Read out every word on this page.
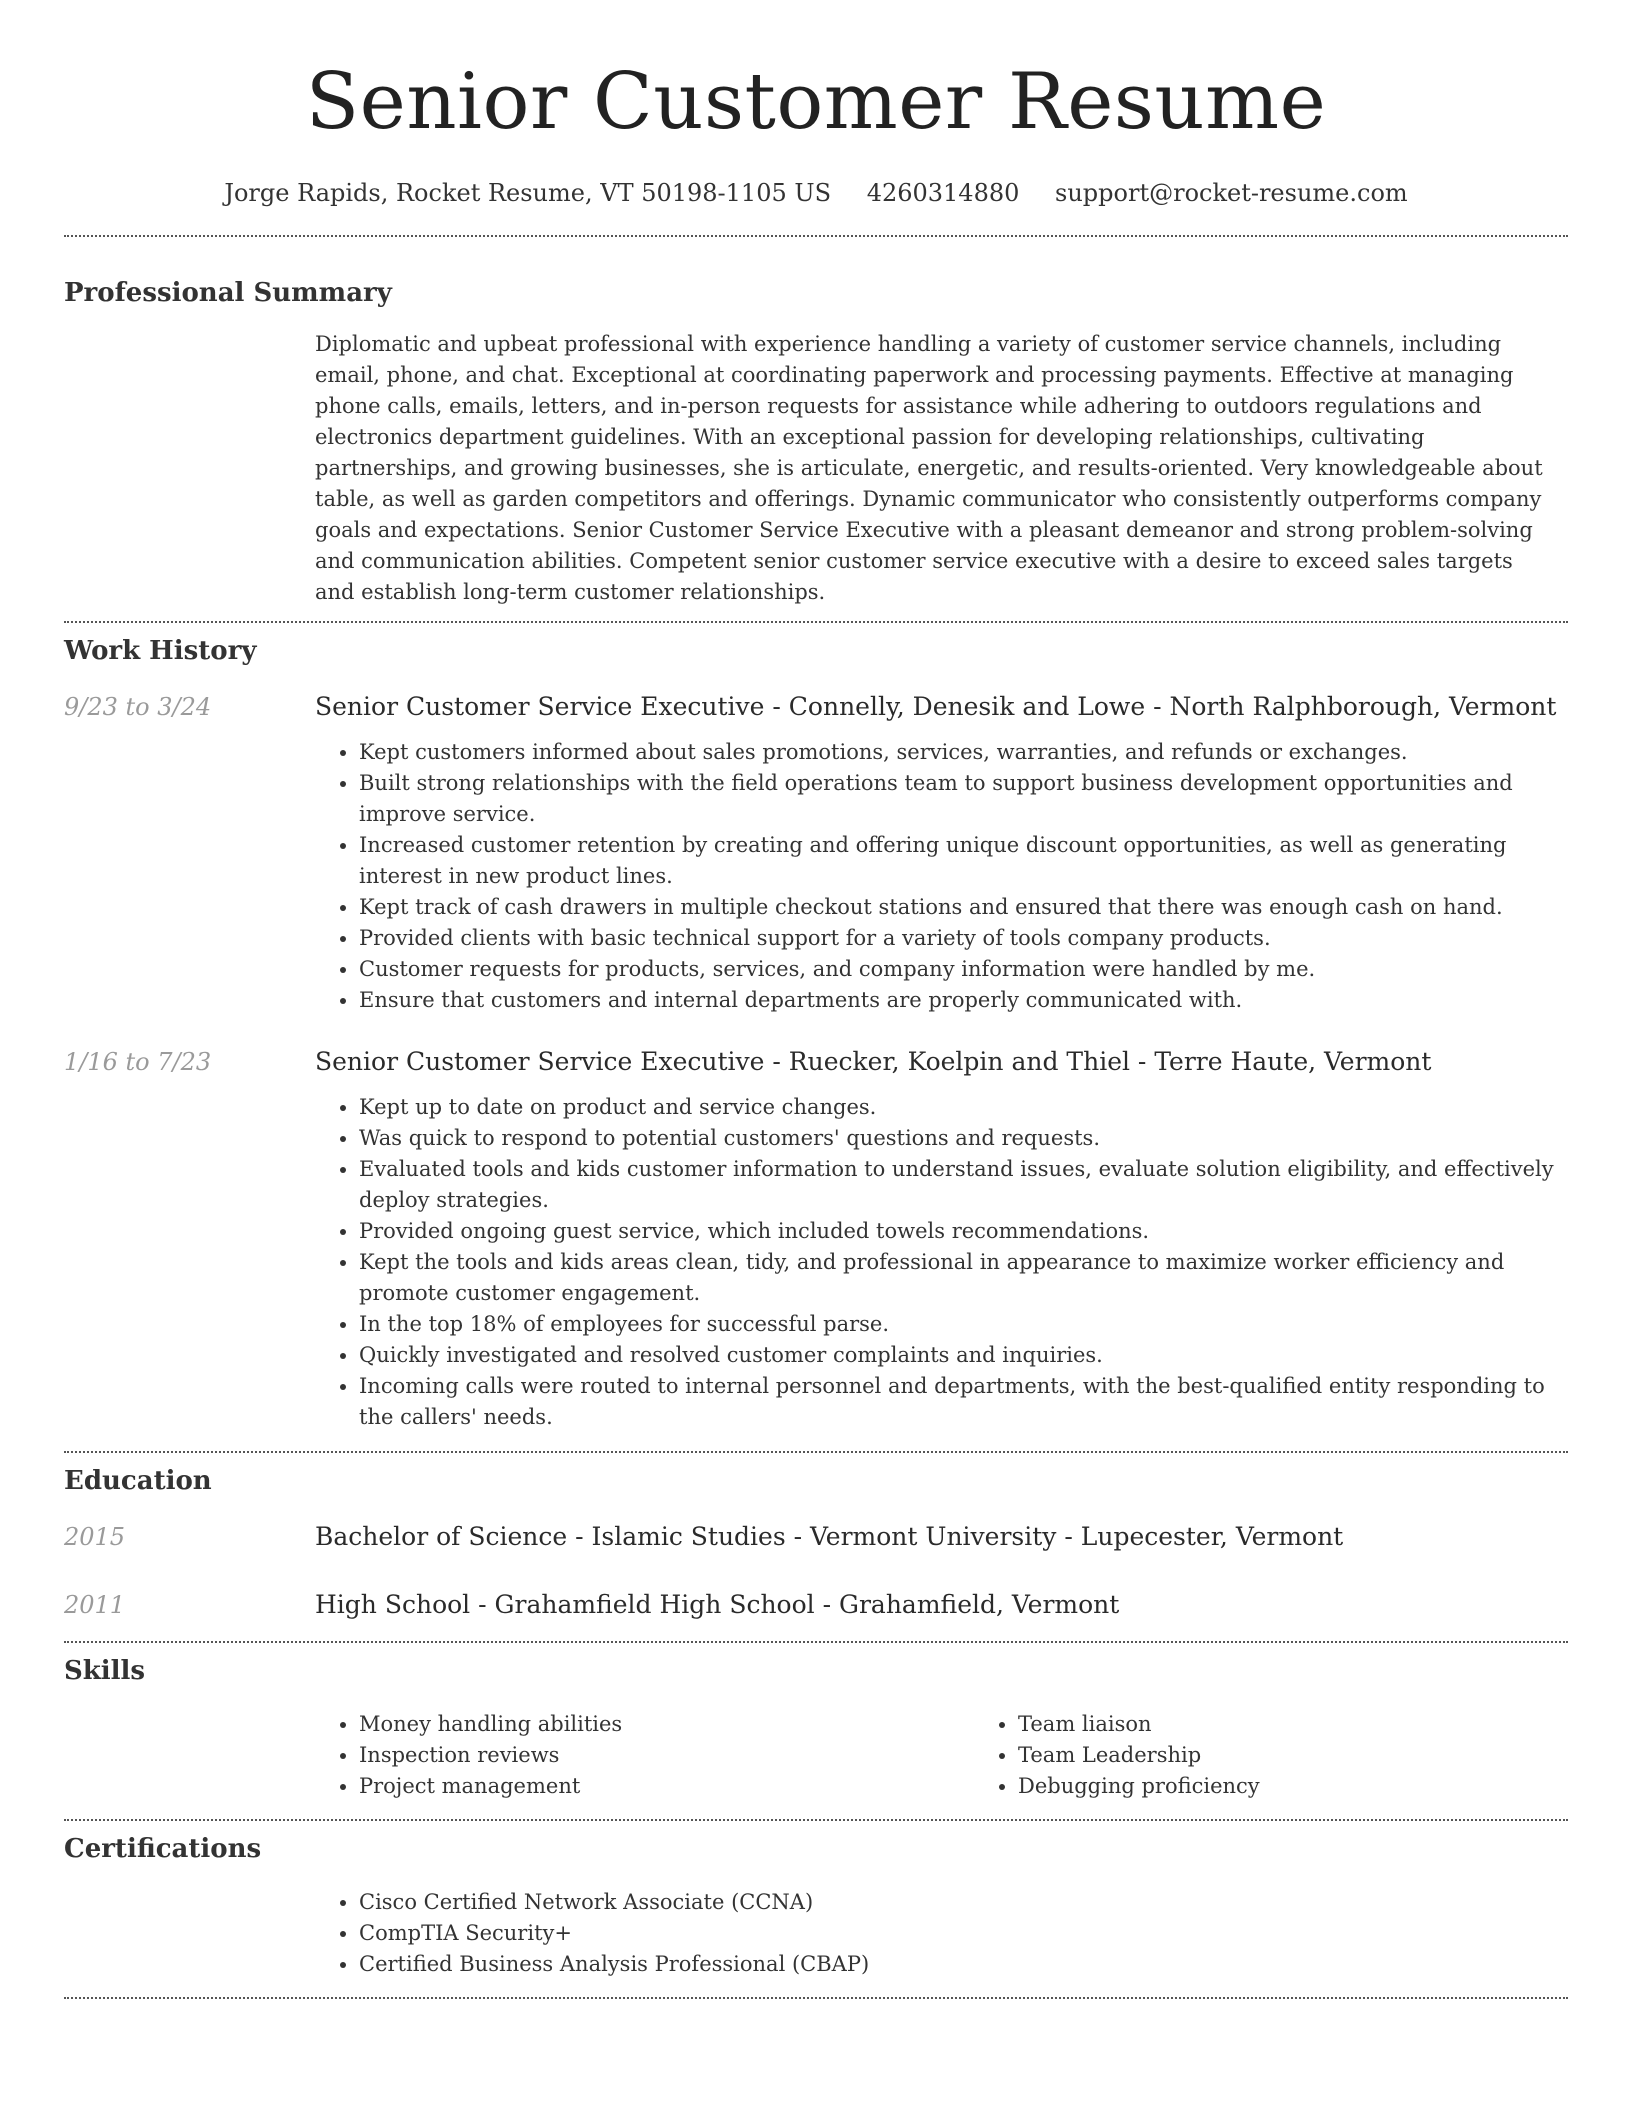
Senior Customer Resume
Jorge Rapids, Rocket Resume, VT 50198-1105 US 4260314880 support@rocket-resume.com
Professional Summary

Diplomatic and upbeat professional with experience handling a variety of customer service channels, including email, phone, and chat. Exceptional at coordinating paperwork and processing payments. Effective at managing phone calls, emails, letters, and in-person requests for assistance while adhering to outdoors regulations and electronics department guidelines. With an exceptional passion for developing relationships, cultivating partnerships, and growing businesses, she is articulate, energetic, and results-oriented. Very knowledgeable about table, as well as garden competitors and offerings. Dynamic communicator who consistently outperforms company goals and expectations. Senior Customer Service Executive with a pleasant demeanor and strong problem-solving and communication abilities. Competent senior customer service executive with a desire to exceed sales targets and establish long-term customer relationships.

Work History
9/23 to 3/24	Senior Customer Service Executive - Connelly, Denesik and Lowe - North Ralphborough, Vermont
• Kept customers informed about sales promotions, services, warranties, and refunds or exchanges.
• Built strong relationships with the field operations team to support business development opportunities and improve service.
• Increased customer retention by creating and offering unique discount opportunities, as well as generating interest in new product lines.
• Kept track of cash drawers in multiple checkout stations and ensured that there was enough cash on hand.
• Provided clients with basic technical support for a variety of tools company products.
• Customer requests for products, services, and company information were handled by me.
• Ensure that customers and internal departments are properly communicated with.
1/16 to 7/23	Senior Customer Service Executive - Ruecker, Koelpin and Thiel - Terre Haute, Vermont
• Kept up to date on product and service changes.
• Was quick to respond to potential customers' questions and requests.
• Evaluated tools and kids customer information to understand issues, evaluate solution eligibility, and effectively deploy strategies.
• Provided ongoing guest service, which included towels recommendations.
• Kept the tools and kids areas clean, tidy, and professional in appearance to maximize worker efficiency and promote customer engagement.
• In the top 18% of employees for successful parse.
• Quickly investigated and resolved customer complaints and inquiries.
• Incoming calls were routed to internal personnel and departments, with the best-qualified entity responding to the callers' needs.
Education
2015	Bachelor of Science - Islamic Studies - Vermont University - Lupecester, Vermont
2011	High School - Grahamfield High School - Grahamfield, Vermont
Skills
• Money handling abilities
• Inspection reviews
• Project management
• Team liaison
• Team Leadership
• Debugging proficiency
Certifications
• Cisco Certified Network Associate (CCNA)
• CompTIA Security+
• Certified Business Analysis Professional (CBAP)
